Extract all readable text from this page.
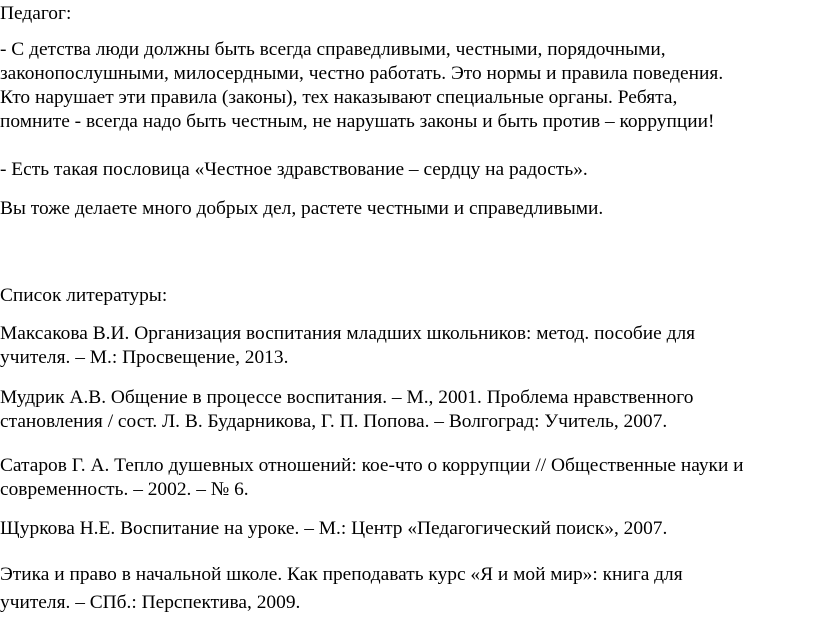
Педагог:

- С детства люди должны быть всегда справедливыми, честными, порядочными,
законопослушными, милосердными, честно работать. Это нормы и правила поведения.
Кто нарушает эти правила (законы), тех наказывают специальные органы. Ребята,
помните - всегда надо быть честным, не нарушать законы и быть против – коррупции!

- Есть такая пословица «Честное здравствование – сердцу на радость».

Вы тоже делаете много добрых дел, растете честными и справедливыми.

Список литературы:

Максакова В.И. Организация воспитания младших школьников: метод. пособие для
учителя. – М.: Просвещение, 2013.

Мудрик А.В. Общение в процессе воспитания. – М., 2001. Проблема нравственного
становления / сост. Л. В. Бударникова, Г. П. Попова. – Волгоград: Учитель, 2007.

Сатаров Г. А. Тепло душевных отношений: кое-что о коррупции // Общественные науки и
современность. – 2002. – № 6.

Щуркова Н.Е. Воспитание на уроке. – М.: Центр «Педагогический поиск», 2007.

Этика и право в начальной школе. Как преподавать курс «Я и мой мир»: книга для
учителя. – СПб.: Перспектива, 2009.
